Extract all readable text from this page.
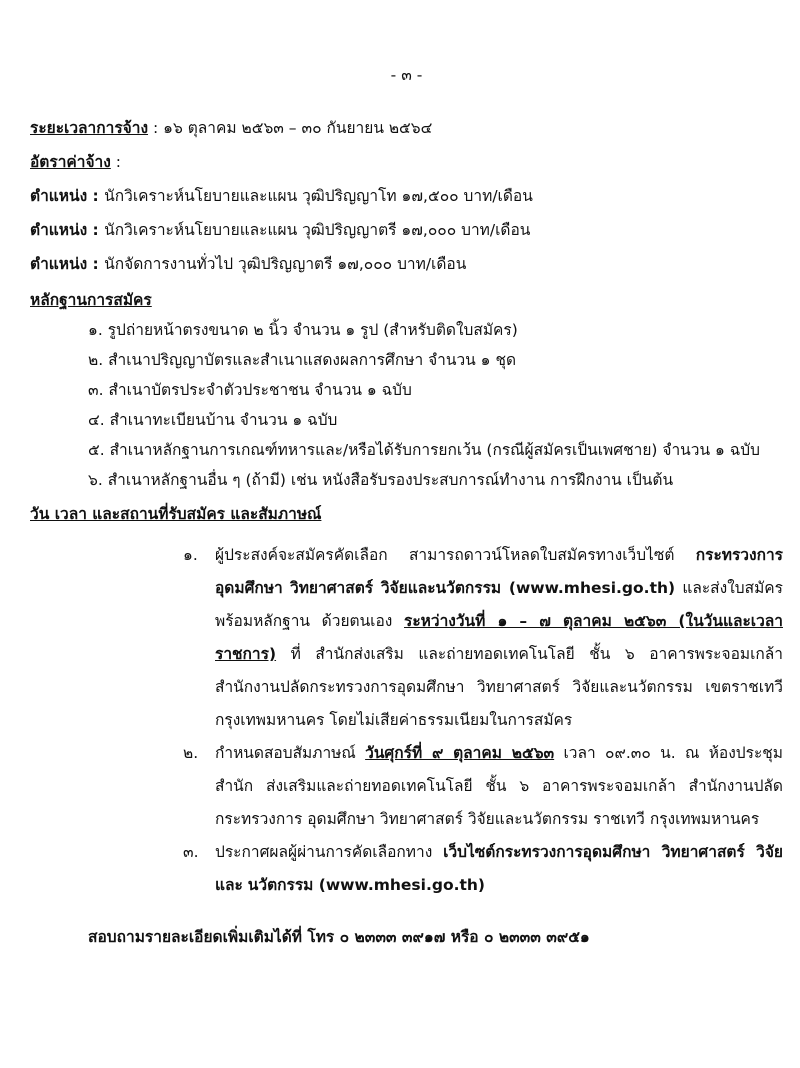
- ๓ -
ระยะเวลาการจ้าง : ๑๖ ตุลาคม ๒๕๖๓ – ๓๐ กันยายน ๒๕๖๔
อัตราค่าจ้าง :
ตำแหน่ง : นักวิเคราะห์นโยบายและแผน วุฒิปริญญาโท ๑๗,๕๐๐ บาท/เดือน
ตำแหน่ง : นักวิเคราะห์นโยบายและแผน วุฒิปริญญาตรี ๑๗,๐๐๐ บาท/เดือน
ตำแหน่ง : นักจัดการงานทั่วไป วุฒิปริญญาตรี ๑๗,๐๐๐ บาท/เดือน
หลักฐานการสมัคร
๑. รูปถ่ายหน้าตรงขนาด ๒ นิ้ว จำนวน ๑ รูป (สำหรับติดใบสมัคร)
๒. สำเนาปริญญาบัตรและสำเนาแสดงผลการศึกษา จำนวน ๑ ชุด
๓. สำเนาบัตรประจำตัวประชาชน จำนวน ๑ ฉบับ
๔. สำเนาทะเบียนบ้าน จำนวน ๑ ฉบับ
๕. สำเนาหลักฐานการเกณฑ์ทหารและ/หรือได้รับการยกเว้น (กรณีผู้สมัครเป็นเพศชาย) จำนวน ๑ ฉบับ
๖. สำเนาหลักฐานอื่น ๆ (ถ้ามี) เช่น หนังสือรับรองประสบการณ์ทำงาน การฝึกงาน เป็นต้น
วัน เวลา และสถานที่รับสมัคร และสัมภาษณ์
๑.	ผู้ประสงค์จะสมัครคัดเลือก สามารถดาวน์โหลดใบสมัครทางเว็บไซต์ กระทรวงการอุดมศึกษา วิทยาศาสตร์ วิจัยและนวัตกรรม (www.mhesi.go.th) และส่งใบสมัครพร้อมหลักฐาน ด้วยตนเอง ระหว่างวันที่ ๑ – ๗ ตุลาคม ๒๕๖๓ (ในวันและเวลาราชการ) ที่ สำนักส่งเสริม และถ่ายทอดเทคโนโลยี ชั้น ๖ อาคารพระจอมเกล้า สำนักงานปลัดกระทรวงการอุดมศึกษา วิทยาศาสตร์ วิจัยและนวัตกรรม เขตราชเทวี กรุงเทพมหานคร โดยไม่เสียค่าธรรมเนียมในการสมัคร
๒.	กำหนดสอบสัมภาษณ์ วันศุกร์ที่ ๙ ตุลาคม ๒๕๖๓ เวลา ๐๙.๓๐ น. ณ ห้องประชุม สำนัก ส่งเสริมและถ่ายทอดเทคโนโลยี ชั้น ๖ อาคารพระจอมเกล้า สำนักงานปลัดกระทรวงการ อุดมศึกษา วิทยาศาสตร์ วิจัยและนวัตกรรม ราชเทวี กรุงเทพมหานคร
๓.	ประกาศผลผู้ผ่านการคัดเลือกทาง เว็บไซต์กระทรวงการอุดมศึกษา วิทยาศาสตร์ วิจัยและ นวัตกรรม (www.mhesi.go.th)
สอบถามรายละเอียดเพิ่มเติมได้ที่ โทร ๐ ๒๓๓๓ ๓๙๑๗ หรือ ๐ ๒๓๓๓ ๓๙๕๑
